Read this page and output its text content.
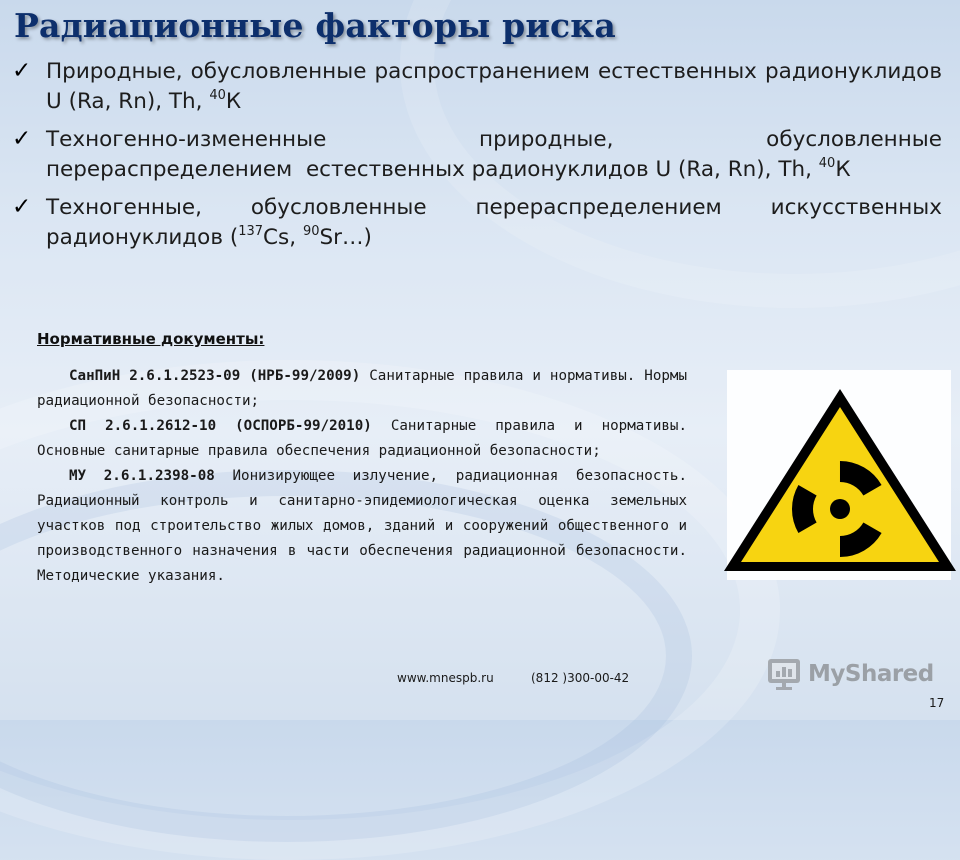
Радиационные факторы риска
✓ Природные, обусловленные распространением естественных радионуклидов U (Ra, Rn), Th, $^{40}$К
✓ Техногенно-измененные природные, обусловленные перераспределением  естественных радионуклидов U (Ra, Rn), Th, $^{40}$К
✓ Техногенные, обусловленные перераспределением искусственных радионуклидов ($^{137}$Cs, $^{90}$Sr…)
Нормативные документы:
СанПиН 2.6.1.2523-09 (НРБ-99/2009) Санитарные правила и нормативы. Нормы радиационной безопасности;
СП 2.6.1.2612-10 (ОСПОРБ-99/2010) Санитарные правила и нормативы. Основные санитарные правила обеспечения радиационной безопасности;
МУ 2.6.1.2398-08 Ионизирующее излучение, радиационная безопасность. Радиационный контроль и санитарно-эпидемиологическая оценка земельных участков под строительство жилых домов, зданий и сооружений общественного и производственного назначения в части обеспечения радиационной безопасности. Методические указания.
www.mnespb.ru	(812 )300-00-42	MyShared
17
